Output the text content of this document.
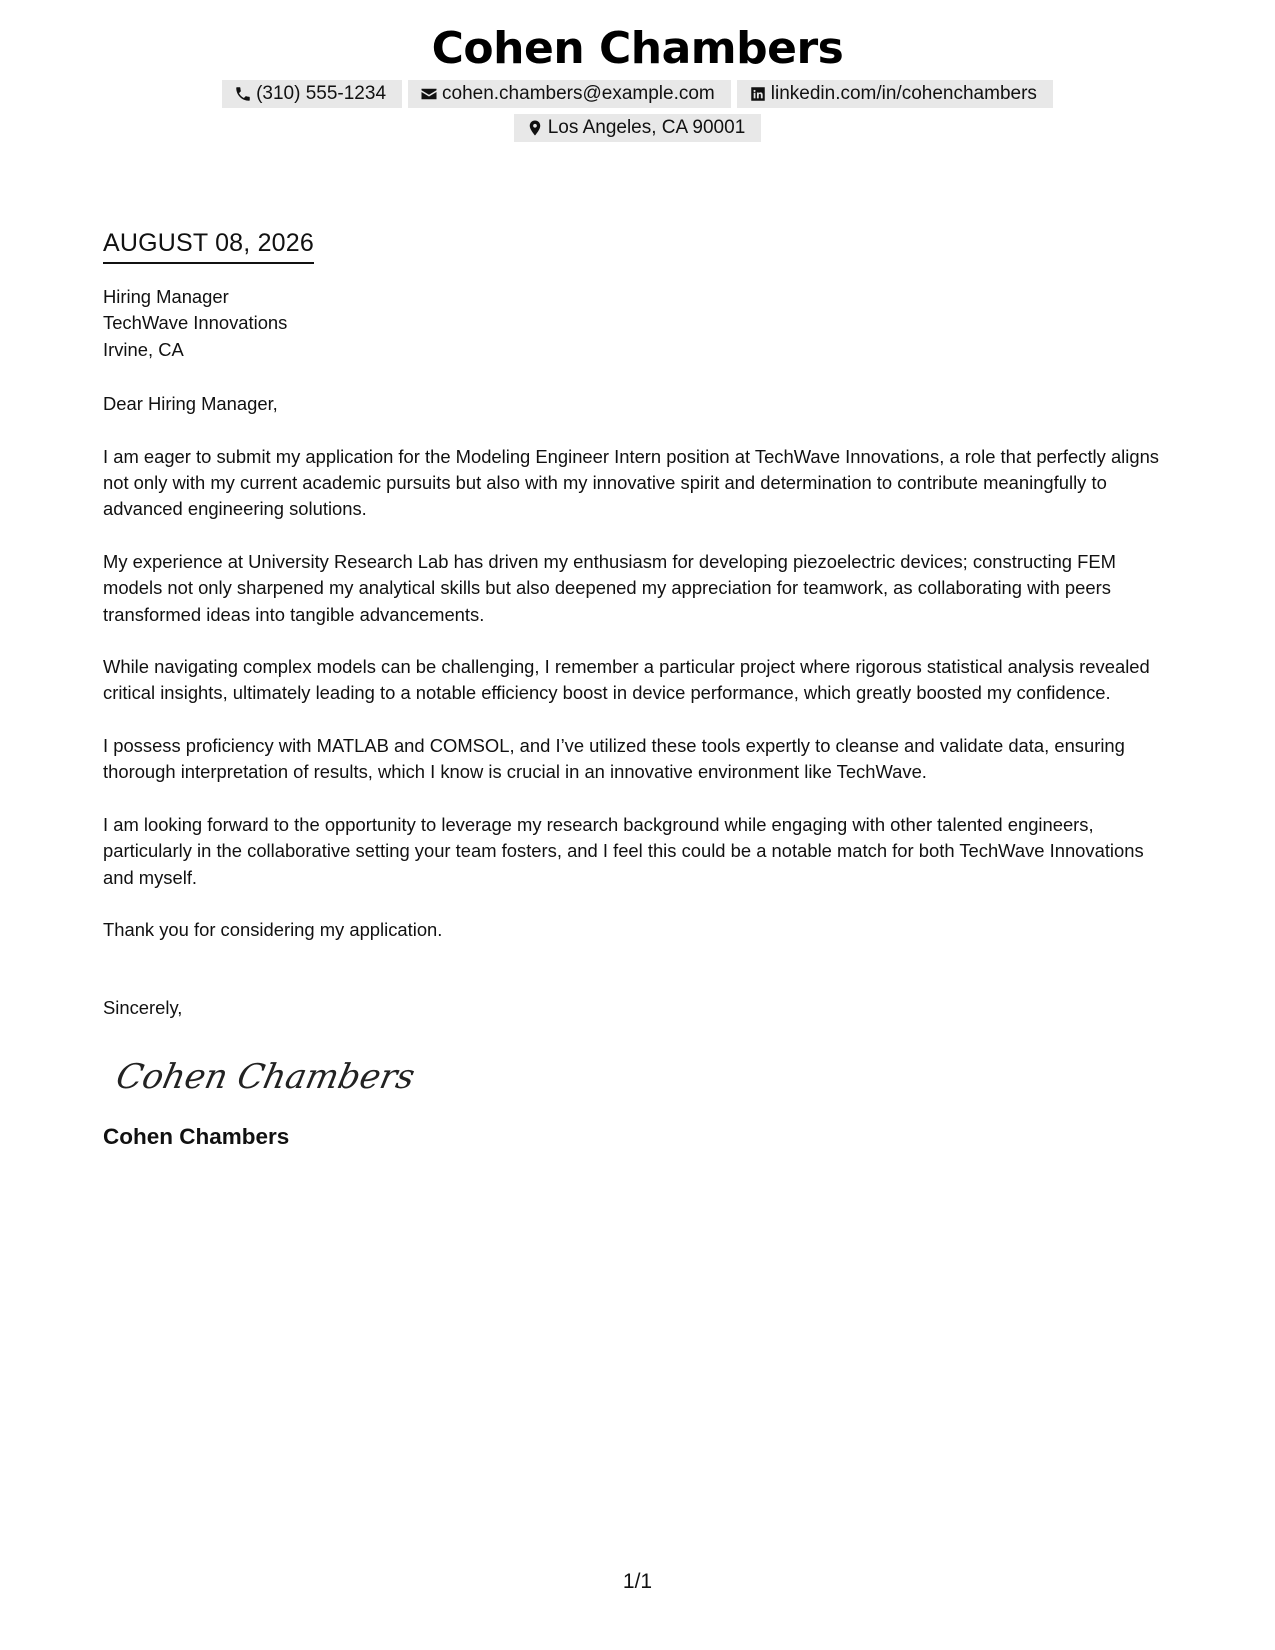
Cohen Chambers
(310) 555-1234	cohen.chambers@example.com	linkedin.com/in/cohenchambers
Los Angeles, CA 90001
AUGUST 08, 2026
Hiring Manager
TechWave Innovations
Irvine, CA
Dear Hiring Manager,

I am eager to submit my application for the Modeling Engineer Intern position at TechWave Innovations, a role that perfectly aligns not only with my current academic pursuits but also with my innovative spirit and determination to contribute meaningfully to advanced engineering solutions.

My experience at University Research Lab has driven my enthusiasm for developing piezoelectric devices; constructing FEM models not only sharpened my analytical skills but also deepened my appreciation for teamwork, as collaborating with peers transformed ideas into tangible advancements.

While navigating complex models can be challenging, I remember a particular project where rigorous statistical analysis revealed critical insights, ultimately leading to a notable efficiency boost in device performance, which greatly boosted my confidence.

I possess proficiency with MATLAB and COMSOL, and I’ve utilized these tools expertly to cleanse and validate data, ensuring thorough interpretation of results, which I know is crucial in an innovative environment like TechWave.

I am looking forward to the opportunity to leverage my research background while engaging with other talented engineers, particularly in the collaborative setting your team fosters, and I feel this could be a notable match for both TechWave Innovations and myself.

Thank you for considering my application.

Sincerely,
Cohen Chambers
Cohen Chambers
1/1
